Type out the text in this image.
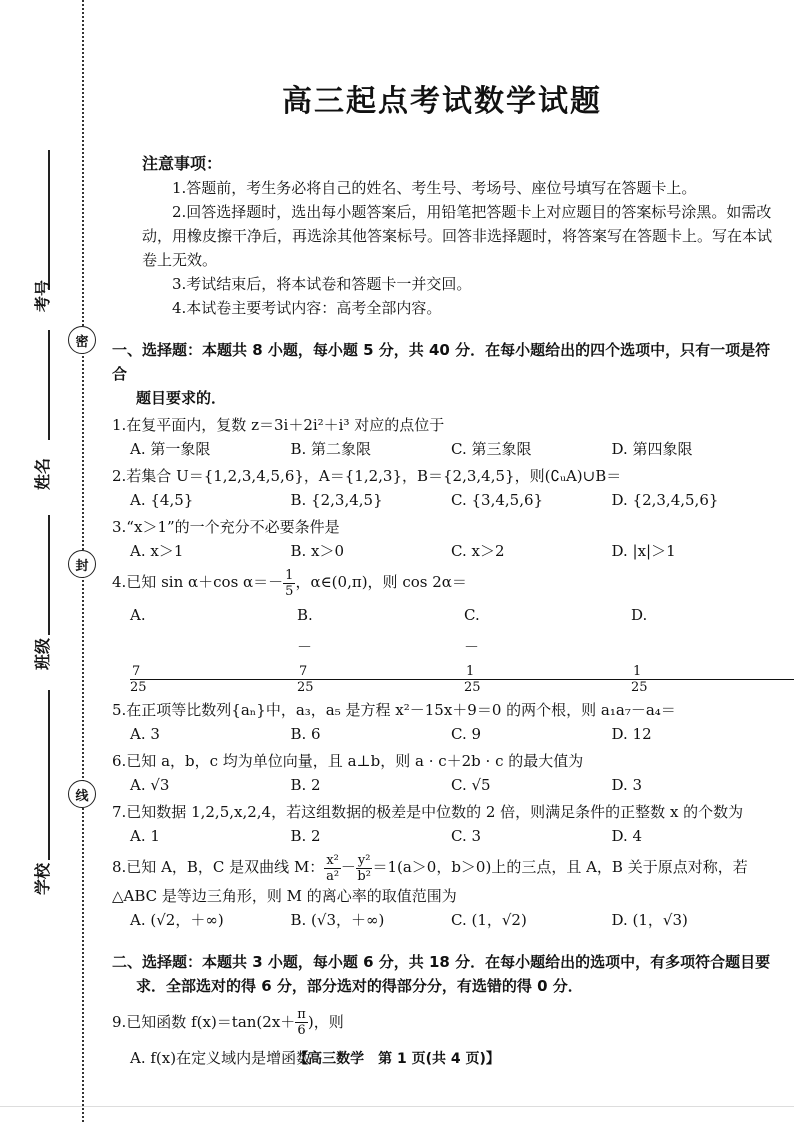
考号
姓名
班级
学校
密
封
线
高三起点考试数学试题
注意事项：

1.答题前，考生务必将自己的姓名、考生号、考场号、座位号填写在答题卡上。

2.回答选择题时，选出每小题答案后，用铅笔把答题卡上对应题目的答案标号涂黑。如需改动，用橡皮擦干净后，再选涂其他答案标号。回答非选择题时，将答案写在答题卡上。写在本试卷上无效。

3.考试结束后，将本试卷和答题卡一并交回。

4.本试卷主要考试内容：高考全部内容。

一、选择题：本题共 8 小题，每小题 5 分，共 40 分．在每小题给出的四个选项中，只有一项是符合
题目要求的．
1.在复平面内，复数 z＝3i＋2i²＋i³ 对应的点位于
A. 第一象限	B. 第二象限	C. 第三象限	D. 第四象限
2.若集合 U＝{1,2,3,4,5,6}，A＝{1,2,3}，B＝{2,3,4,5}，则(∁ᵤA)∪B＝
A. {4,5}	B. {2,3,4,5}	C. {3,4,5,6}	D. {2,3,4,5,6}
3.“x＞1”的一个充分不必要条件是
A. x＞1	B. x＞0	C. x＞2	D. |x|＞1
4.已知 sin α＋cos $\alpha=- \frac{1}{5}$ ，α∈(0,π)，则 cos 2α＝
$A.\frac{7}{25}$
$B.-\frac{7}{25}$
$C.-\frac{1}{25}$
$D.\frac{1}{25}$
5.在正项等比数列{aₙ}中，a₃，a₅ 是方程 x²－15x＋9＝0 的两个根，则 a₁a₇－a₄＝
A. 3	B. 6	C. 9	D. 12
6.已知 a，b，c 均为单位向量，且 a⊥b，则 a · c＋2b · c 的最大值为
A. √3	B. 2	C. √5	D. 3
7.已知数据 1,2,5,x,2,4，若这组数据的极差是中位数的 2 倍，则满足条件的正整数 x 的个数为
A. 1	B. 2	C. 3	D. 4
8.已知 A，B，C 是双曲线 M： $\frac{\text{x²}}{\text{a²}} - \frac{\text{y²}}{\text{b²}} =1(a>0$，b＞0)上的三点，且 A，B 关于原点对称，若
△ABC 是等边三角形，则 M 的离心率的取值范围为
A. (√2，＋∞)	B. (√3，＋∞)	C. (1，√2)	D. (1，√3)
二、选择题：本题共 3 小题，每小题 6 分，共 18 分．在每小题给出的选项中，有多项符合题目要
求．全部选对的得 6 分，部分选对的得部分分，有选错的得 0 分．
9.已知函数 $f(x)=\tan(2x+ \frac{\pi}{6}$ )，则
A. f(x)在定义域内是增函数
【高三数学　第 1 页(共 4 页)】
